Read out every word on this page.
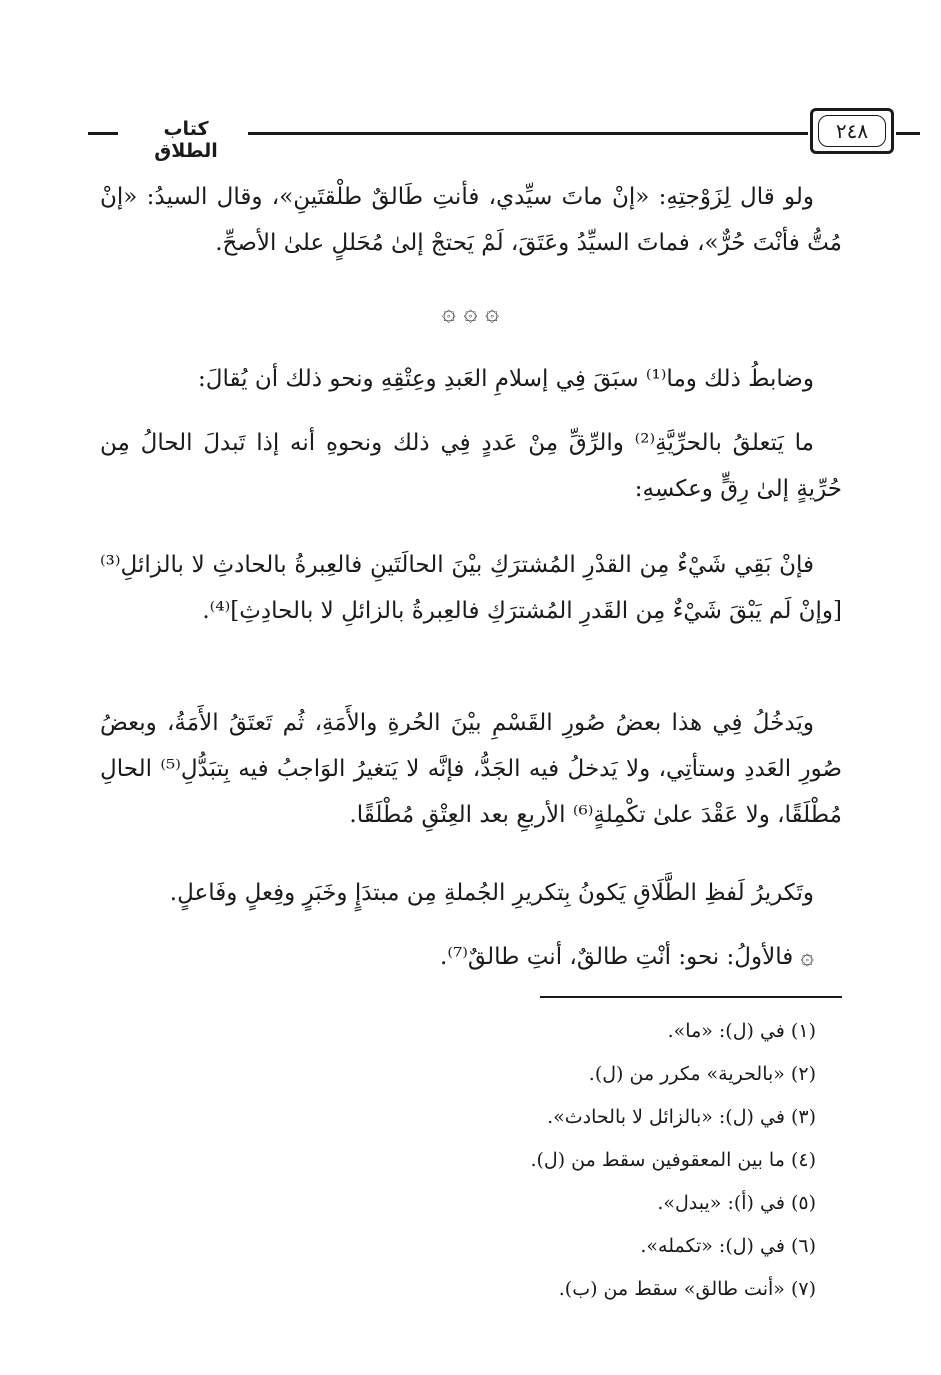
كتاب الطلاق
٢٤٨
ولو قال لِزَوْجتِهِ: «إنْ ماتَ سيِّدي، فأنتِ طَالقٌ طلْقتَينِ»، وقال السيدُ: «إنْ مُتُّ فأنْتَ حُرٌّ»، فماتَ السيِّدُ وعَتَقَ، لَمْ يَحتجْ إلىٰ مُحَللٍ علىٰ الأصحِّ.
۞ ۞ ۞
وضابطُ ذلك وما⁽¹⁾ سبَقَ فِي إسلامِ العَبدِ وعِتْقِهِ ونحو ذلك أن يُقالَ:
ما يَتعلقُ بالحرِّيَّةِ⁽²⁾ والرِّقِّ مِنْ عَددٍ فِي ذلك ونحوهِ أنه إذا تَبدلَ الحالُ مِن حُرِّيةٍ إلىٰ رِقٍّ وعكسِهِ:
فإنْ بَقِي شَيْءٌ مِن القدْرِ المُشترَكِ بيْنَ الحالَتَينِ فالعِبرةُ بالحادثِ لا بالزائلِ⁽³⁾ [وإنْ لَم يَبْقَ شَيْءٌ مِن القَدرِ المُشترَكِ فالعِبرةُ بالزائلِ لا بالحادِثِ]⁽⁴⁾.
ويَدخُلُ فِي هذا بعضُ صُورِ القَسْمِ بيْنَ الحُرةِ والأَمَةِ، ثُم تَعتَقُ الأَمَةُ، وبعضُ صُورِ العَددِ وستأتِي، ولا يَدخلُ فيه الجَدُّ، فإنَّه لا يَتغيرُ الوَاجبُ فيه بِتبَدُّلِ⁽⁵⁾ الحالِ مُطْلَقًا، ولا عَقْدَ علىٰ تكْمِلةٍ⁽⁶⁾ الأربعِ بعد العِتْقِ مُطْلَقًا.
وتَكريرُ لَفظِ الطَّلَاقِ يَكونُ بِتكريرِ الجُملةِ مِن مبتدَإٍ وخَبَرٍ وفِعلٍ وفَاعلٍ.
۞ فالأولُ: نحو: أنْتِ طالقٌ، أنتِ طالقٌ⁽⁷⁾.
(١) في (ل): «ما».
(٢) «بالحرية» مكرر من (ل).
(٣) في (ل): «بالزائل لا بالحادث».
(٤) ما بين المعقوفين سقط من (ل).
(٥) في (أ): «يبدل».
(٦) في (ل): «تكمله».
(٧) «أنت طالق» سقط من (ب).
